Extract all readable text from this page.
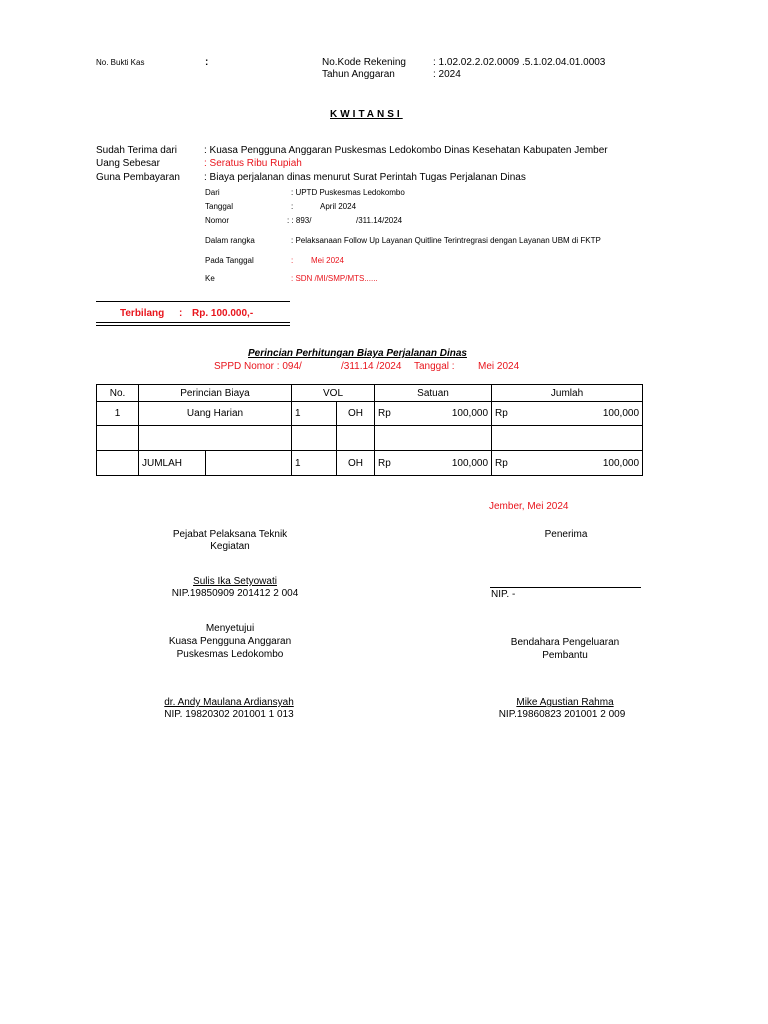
No. Bukti Kas	:	No.Kode Rekening	: 1.02.02.2.02.0009 .5.1.02.04.01.0003
Tahun Anggaran	: 2024
KWITANSI
Sudah Terima dari	: Kuasa Pengguna Anggaran Puskesmas Ledokombo Dinas Kesehatan Kabupaten Jember
Uang Sebesar	: Seratus Ribu Rupiah
Guna Pembayaran : Biaya perjalanan dinas menurut Surat Perintah Tugas Perjalanan Dinas
Dari	: UPTD Puskesmas Ledokombo
Tanggal	:	April 2024
Nomor	: : 893/	/311.14/2024
Dalam rangka	: Pelaksanaan Follow Up Layanan Quitline Terintregrasi dengan Layanan UBM di FKTP
Pada Tanggal	: Mei 2024
Ke	: SDN /MI/SMP/MTS......
Terbilang : Rp. 100.000,-
Perincian Perhitungan Biaya Perjalanan Dinas
SPPD Nomor : 094/	/311.14 /2024 Tanggal : Mei 2024
No.	Perincian Biaya		VOL		Satuan	Jumlah
1	Uang Harian		1	OH	Rp 100,000	Rp 100,000

	JUMLAH		1	OH	Rp 100,000	Rp 100,000
Jember, Mei 2024
Pejabat Pelaksana Teknik
Kegiatan
Penerima
Sulis Ika Setyowati
NIP.19850909 201412 2 004	NIP. -
Menyetujui
Kuasa Pengguna Anggaran
Puskesmas Ledokombo
Bendahara Pengeluaran
Pembantu
dr. Andy Maulana Ardiansyah
NIP. 19820302 201001 1 013
Mike Agustian Rahma
NIP.19860823 201001 2 009
